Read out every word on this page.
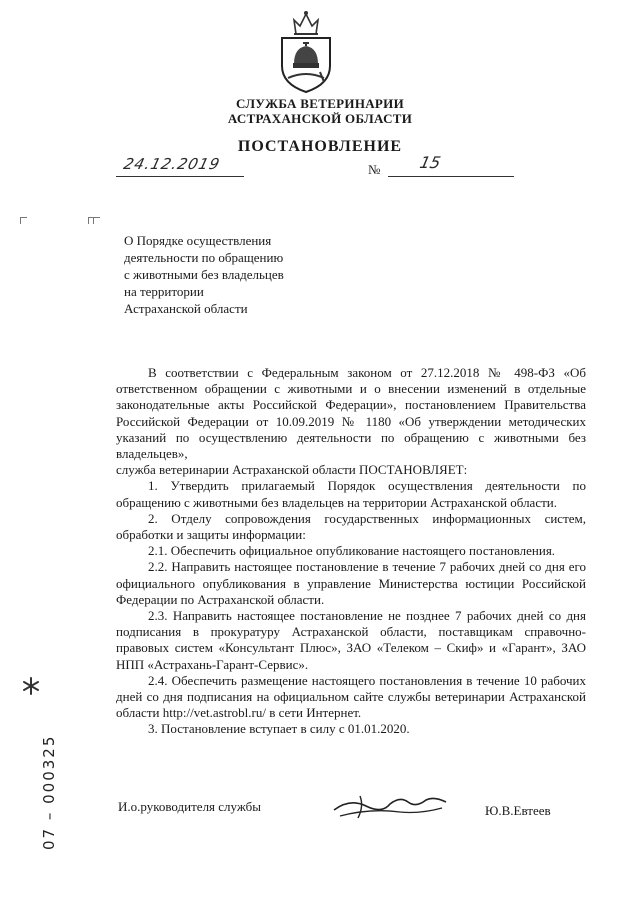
СЛУЖБА ВЕТЕРИНАРИИ
АСТРАХАНСКОЙ ОБЛАСТИ
ПОСТАНОВЛЕНИЕ
24.12.2019	№ 15
О Порядке осуществления
деятельности по обращению
с животными без владельцев
на территории
Астраханской области

В соответствии с Федеральным законом от 27.12.2018 № 498-ФЗ «Об ответственном обращении с животными и о внесении изменений в отдельные законодательные акты Российской Федерации», постановлением Правительства Российской Федерации от 10.09.2019 № 1180 «Об утверждении методических указаний по осуществлению деятельности по обращению с животными без владельцев»,

служба ветеринарии Астраханской области ПОСТАНОВЛЯЕТ:

1. Утвердить прилагаемый Порядок осуществления деятельности по обращению с животными без владельцев на территории Астраханской области.

2. Отделу сопровождения государственных информационных систем, обработки и защиты информации:

2.1. Обеспечить официальное опубликование настоящего постановления.

2.2. Направить настоящее постановление в течение 7 рабочих дней со дня его официального опубликования в управление Министерства юстиции Российской Федерации по Астраханской области.

2.3. Направить настоящее постановление не позднее 7 рабочих дней со дня подписания в прокуратуру Астраханской области, поставщикам справочно-правовых систем «Консультант Плюс», ЗАО «Телеком – Скиф» и «Гарант», ЗАО НПП «Астрахань-Гарант-Сервис».

2.4. Обеспечить размещение настоящего постановления в течение 10 рабочих дней со дня подписания на официальном сайте службы ветеринарии Астраханской области http://vet.astrobl.ru/ в сети Интернет.

3. Постановление вступает в силу с 01.01.2020.

07 – 000325	И.о.руководителя службы	Ю.В.Евтеев
